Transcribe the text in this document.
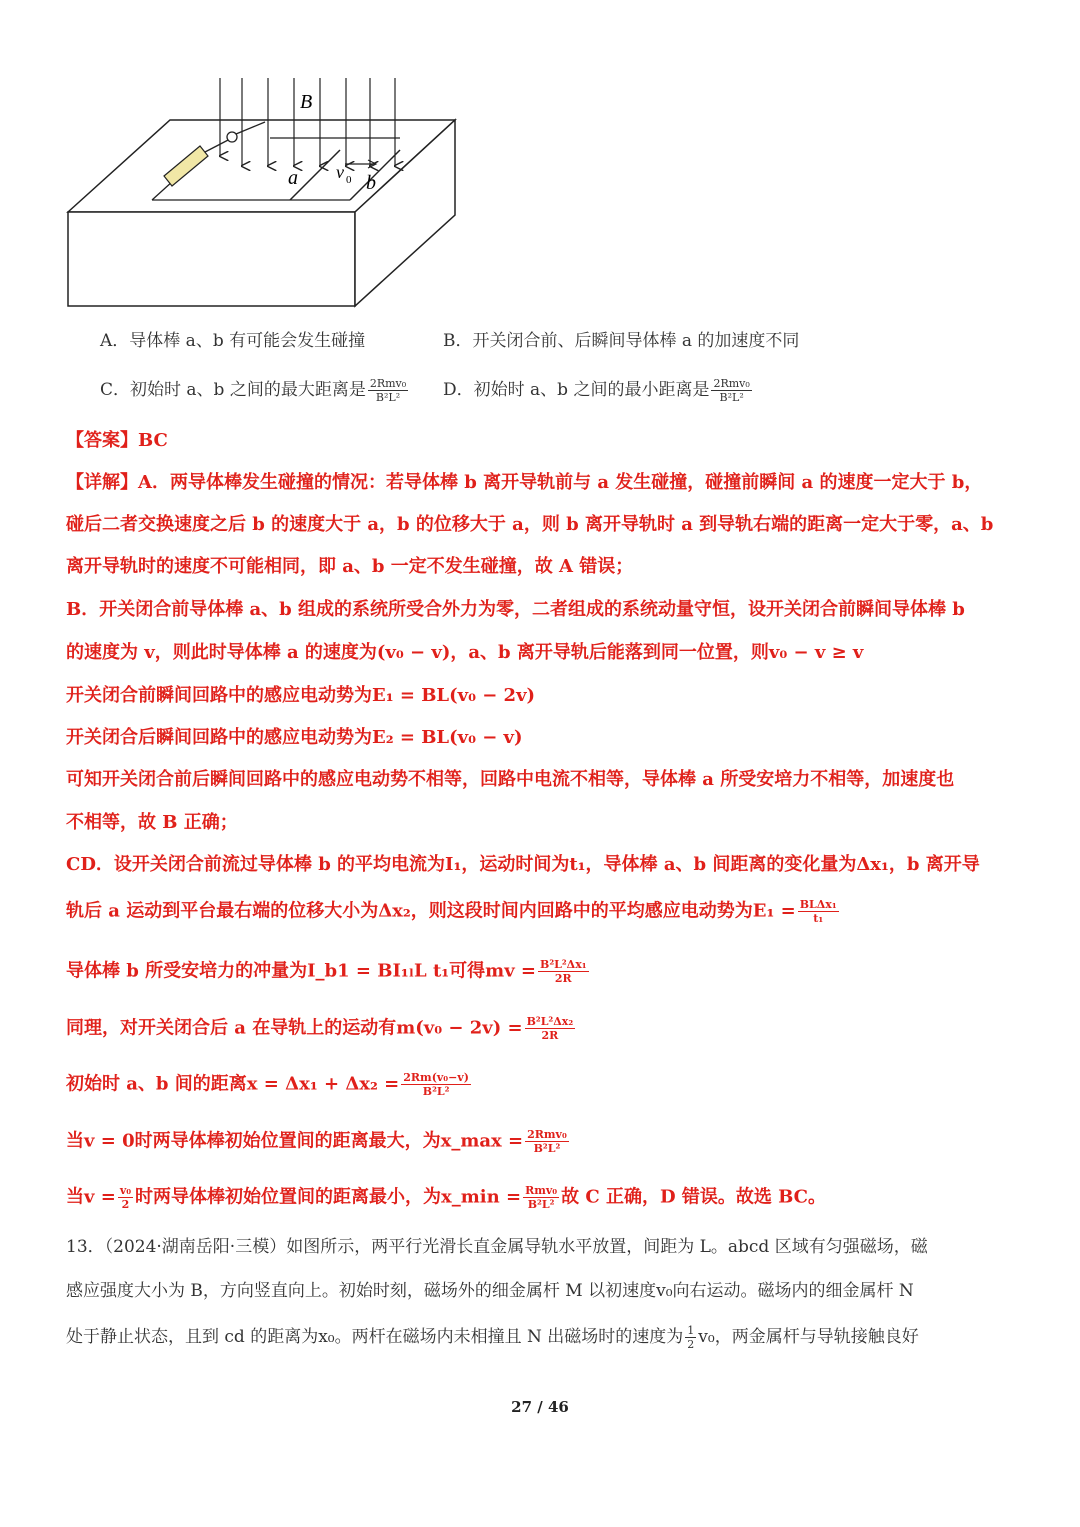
B
a	b
v 0
A．导体棒 a、b 有可能会发生碰撞	B．开关闭合前、后瞬间导体棒 a 的加速度不同
C．初始时 a、b 之间的最大距离是 $\frac{\text{2Rmv₀}}{\text{B²L²}}$ D．初始时 a、b 之间的最小距离是 $\frac{\text{2Rmv₀}}{\text{B²L²}}$
【答案】BC
【详解】A．两导体棒发生碰撞的情况：若导体棒 b 离开导轨前与 a 发生碰撞，碰撞前瞬间 a 的速度一定大于 b，
碰后二者交换速度之后 b 的速度大于 a，b 的位移大于 a，则 b 离开导轨时 a 到导轨右端的距离一定大于零，a、b
离开导轨时的速度不可能相同，即 a、b 一定不发生碰撞，故 A 错误；
B．开关闭合前导体棒 a、b 组成的系统所受合外力为零，二者组成的系统动量守恒，设开关闭合前瞬间导体棒 b
的速度为 v，则此时导体棒 a 的速度为(v₀ − v)，a、b 离开导轨后能落到同一位置，则v₀ − v ≥ v
开关闭合前瞬间回路中的感应电动势为E₁ = BL(v₀ − 2v)
开关闭合后瞬间回路中的感应电动势为E₂ = BL(v₀ − v)
可知开关闭合前后瞬间回路中的感应电动势不相等，回路中电流不相等，导体棒 a 所受安培力不相等，加速度也
不相等，故 B 正确；
CD．设开关闭合前流过导体棒 b 的平均电流为I₁，运动时间为t₁，导体棒 a、b 间距离的变化量为Δx₁，b 离开导
轨后 a 运动到平台最右端的位移大小为Δx₂，则这段时间内回路中的平均感应电动势为$E_1 = \frac{\text{BLΔx₁}}{\text{t₁}}$
导体棒 b 所受安培力的冲量为I_b1 = BI₁ₗL t₁可得mv = $\frac{\text{B²L²Δx₁}}{2R}$
同理，对开关闭合后 a 在导轨上的运动有$m(v_0 - 2v) = \frac{\text{B²L²Δx₂}}{2R}$
初始时 a、b 间的距离$x = \Delta x_1 + \Delta x_2 = \frac{\text{2Rm(v₀−v)}}{\text{B²L²}}$
当v = 0时两导体棒初始位置间的距离最大，为x_max = $\frac{\text{2Rmv₀}}{\text{B²L²}}$
当$v = \frac{\text{v₀}}{2}$ 时两导体棒初始位置间的距离最小，为x_min = $\frac{\text{Rmv₀}}{\text{B²L²}}$ 故 C 正确，D 错误。故选 BC。
13．（2024·湖南岳阳·三模）如图所示，两平行光滑长直金属导轨水平放置，间距为 L。abcd 区域有匀强磁场，磁
感应强度大小为 B，方向竖直向上。初始时刻，磁场外的细金属杆 M 以初速度v₀向右运动。磁场内的细金属杆 N
处于静止状态，且到 cd 的距离为x₀。两杆在磁场内未相撞且 N 出磁场时的速度为 $\frac{1}{2} v_0$，两金属杆与导轨接触良好
27 / 46
